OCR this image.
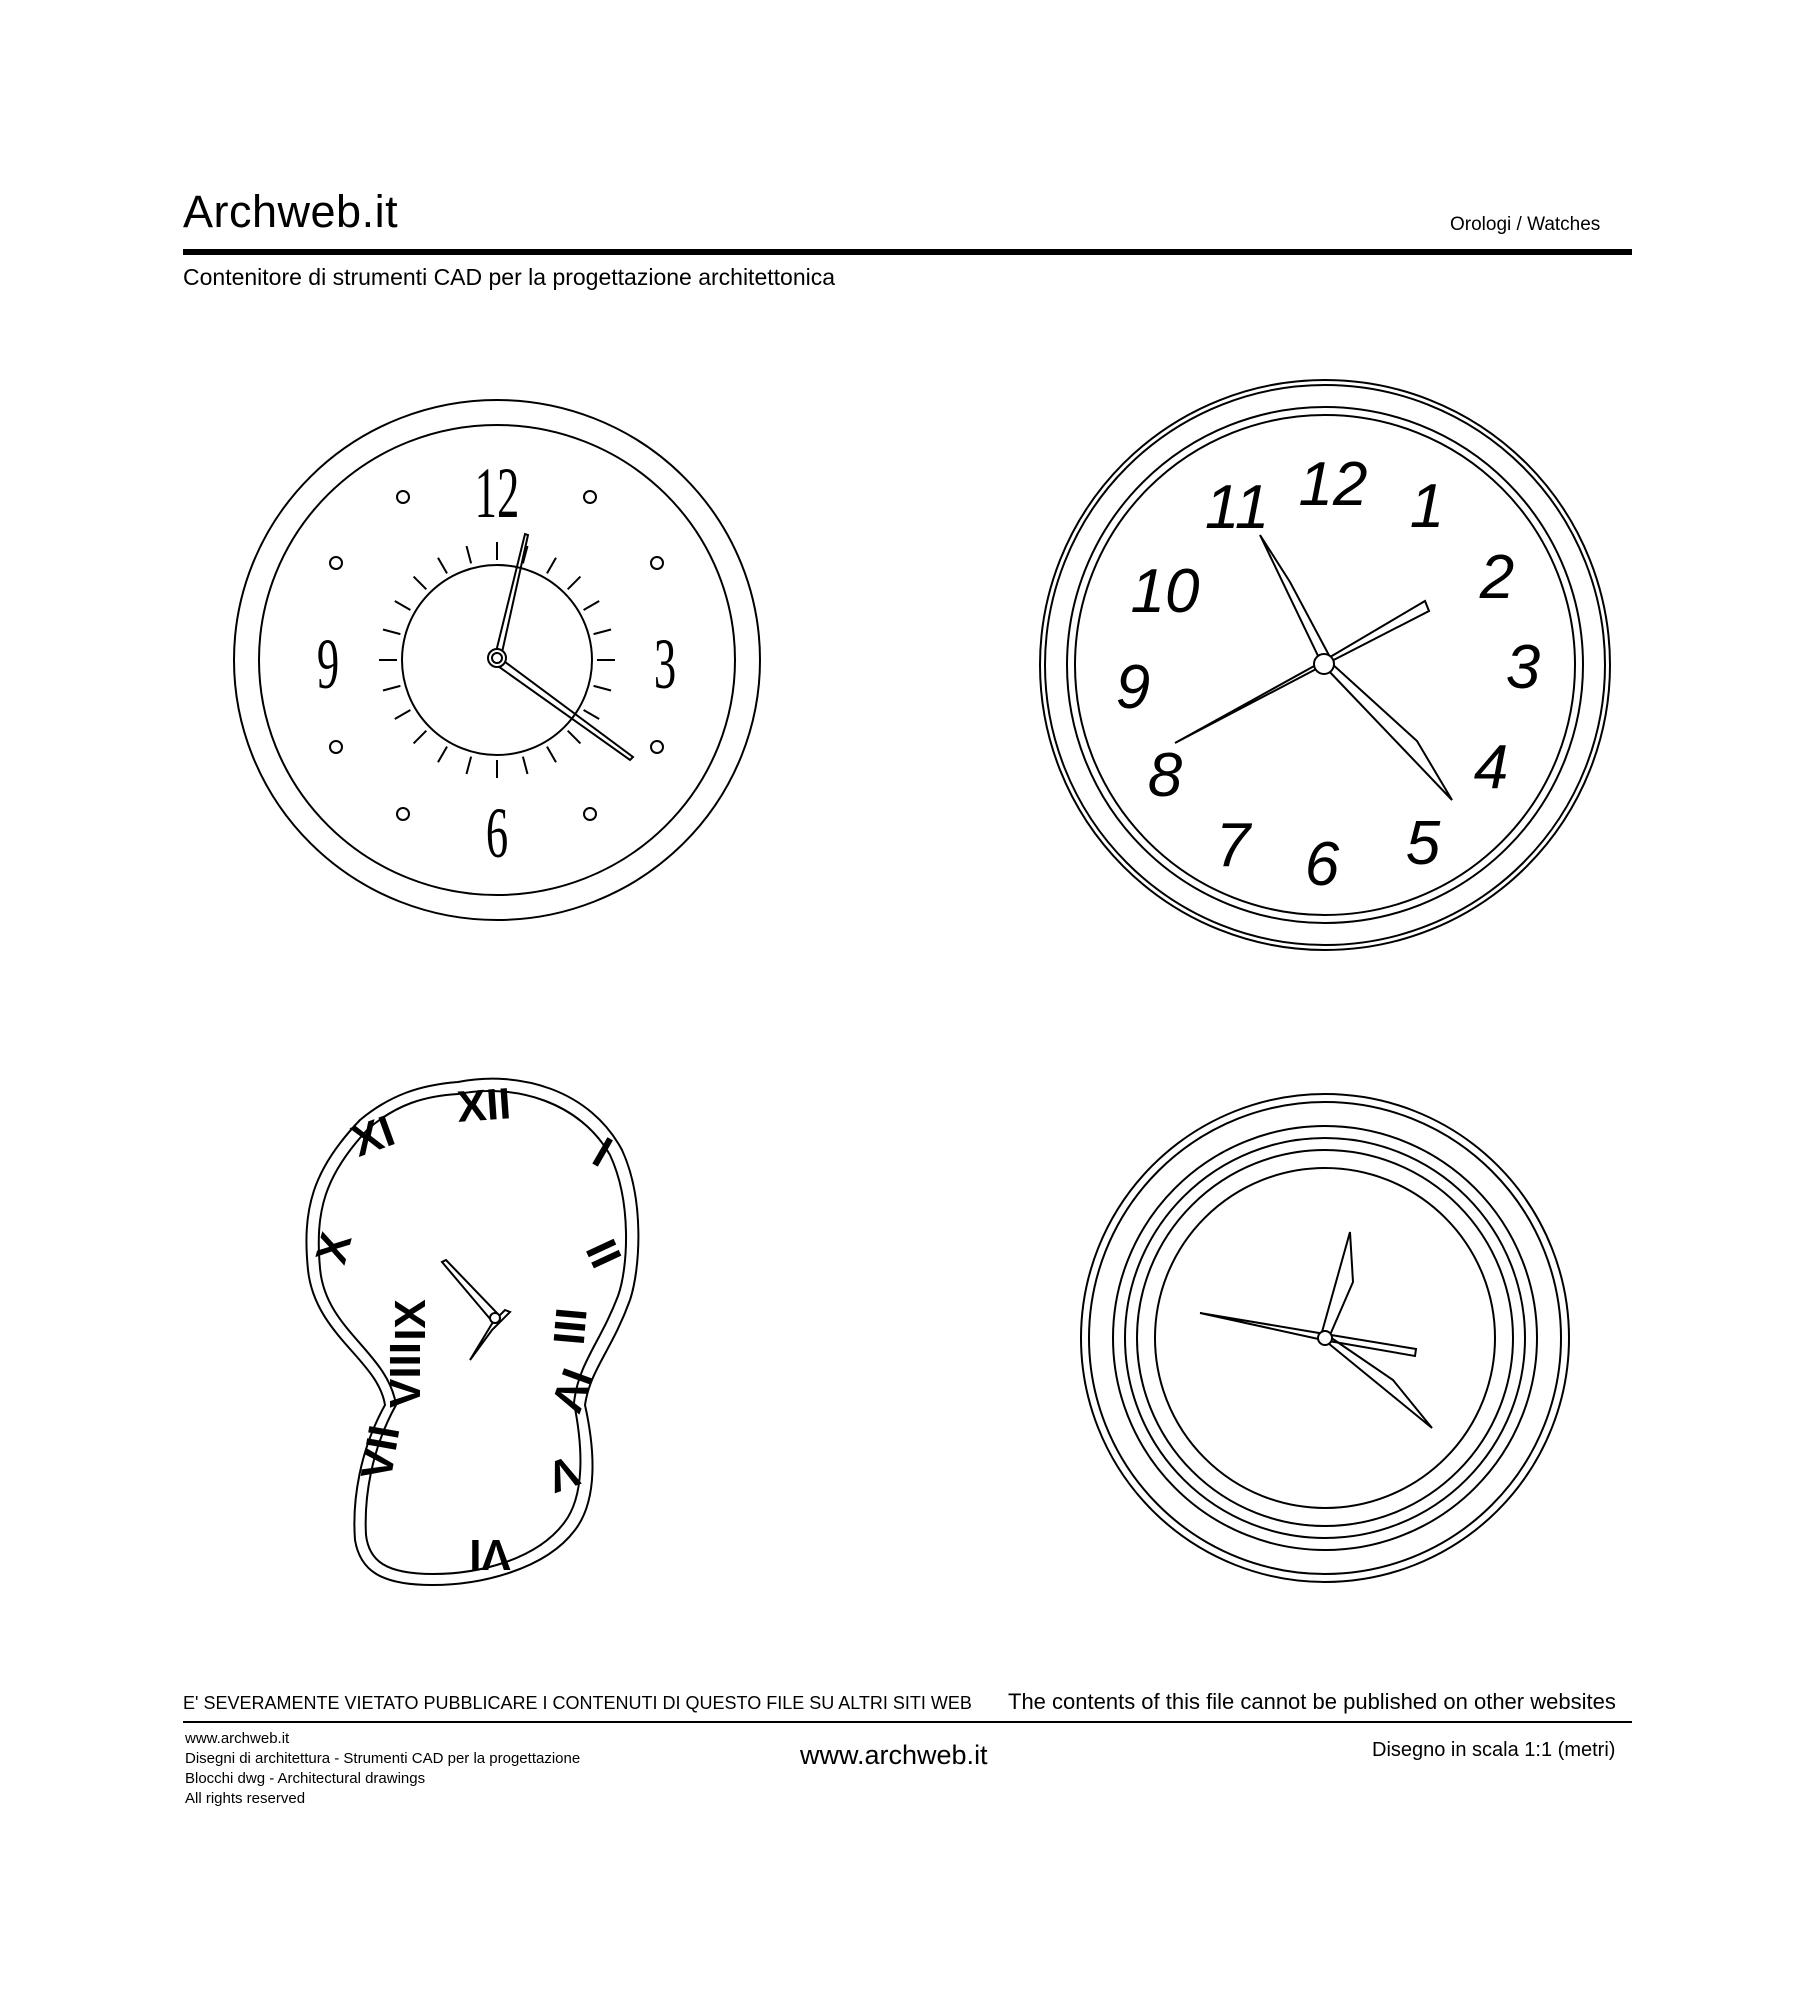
Archweb.it	Orologi / Watches
Contenitore di strumenti CAD per la progettazione architettonica
12
3
6
9
12 1
2
3
4
5
6
7
8
9
10
11
XII
XI
X
IX
VIII
VII
VI
V
IV
III
II
I
E' SEVERAMENTE VIETATO PUBBLICARE I CONTENUTI DI QUESTO FILE SU ALTRI SITI WEB The contents of this file cannot be published on other websites
www.archweb.it
Disegni di architettura - Strumenti CAD per la progettazione
Blocchi dwg - Architectural drawings
All rights reserved
www.archweb.it	Disegno in scala 1:1 (metri)
